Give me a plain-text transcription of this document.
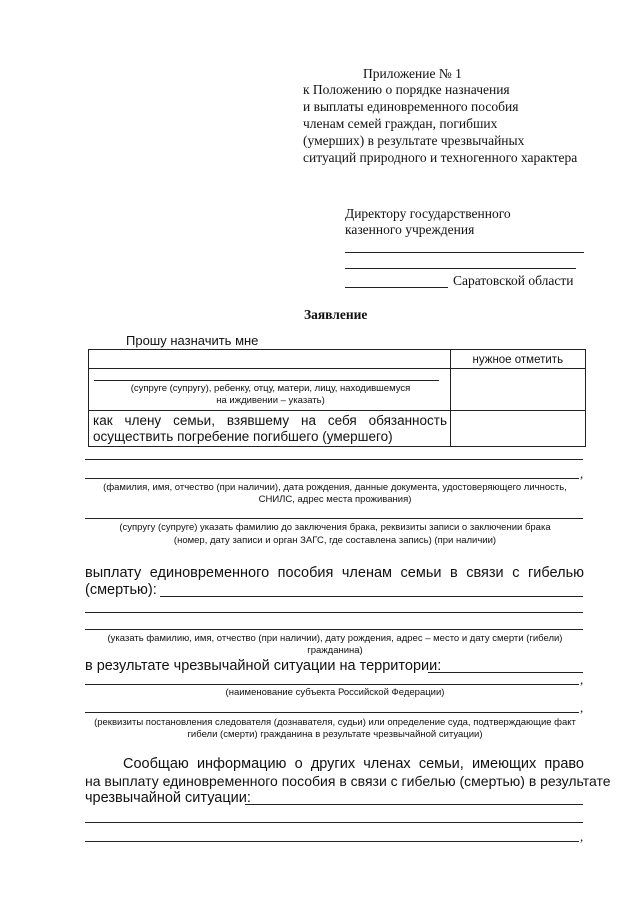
Приложение № 1
к Положению о порядке назначения
и выплаты единовременного пособия
членам семей граждан, погибших
(умерших) в результате чрезвычайных
ситуаций природного и техногенного характера
Директору государственного
казенного учреждения
Саратовской области
Заявление
Прошу назначить мне
	нужное отметить

(супруге (супругу), ребенку, отцу, матери, лицу, находившемуся
на иждивении – указать)	

как члену семьи, взявшему на себя обязанность
осуществить погребение погибшего (умершего)	

,
(фамилия, имя, отчество (при наличии), дата рождения, данные документа, удостоверяющего личность,
СНИЛС, адрес места проживания)
(супругу (супруге) указать фамилию до заключения брака, реквизиты записи о заключении брака
(номер, дату записи и орган ЗАГС, где составлена запись) (при наличии)
выплату единовременного пособия членам семьи в связи с гибелью
(смертью):
(указать фамилию, имя, отчество (при наличии), дату рождения, адрес – место и дату смерти (гибели)
гражданина)
в результате чрезвычайной ситуации на территории:
,
(наименование субъекта Российской Федерации)
,
(реквизиты постановления следователя (дознавателя, судьи) или определение суда, подтверждающие факт
гибели (смерти) гражданина в результате чрезвычайной ситуации)
Сообщаю информацию о других членах семьи, имеющих право
на выплату единовременного пособия в связи с гибелью (смертью) в результате
чрезвычайной ситуации:
,
